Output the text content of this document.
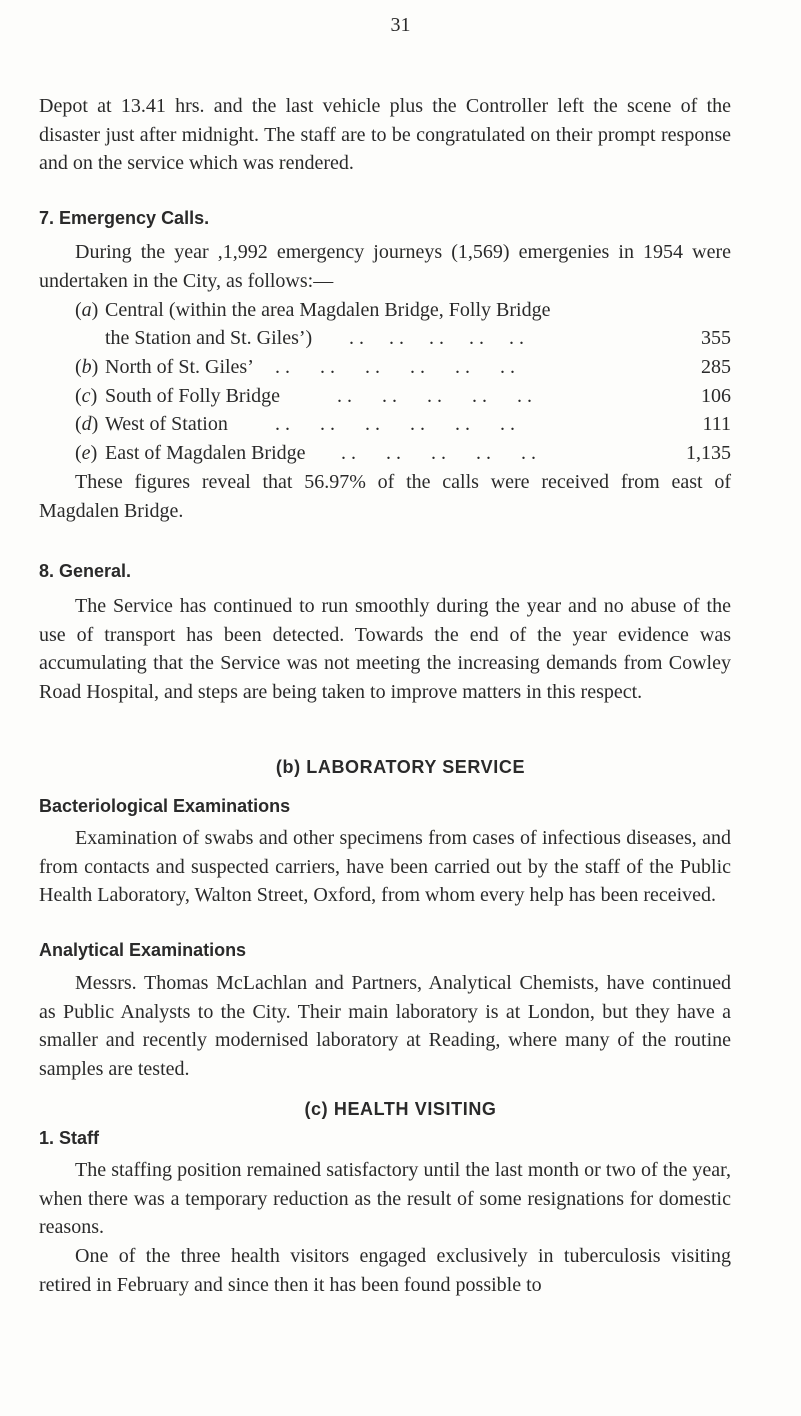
31
Depot at 13.41 hrs. and the last vehicle plus the Controller left the scene of the disaster just after midnight. The staff are to be congratulated on their prompt response and on the service which was rendered.
7. Emergency Calls.
During the year ,1,992 emergency journeys (1,569) emergenies in 1954 were undertaken in the City, as follows:—
(a) Central (within the area Magdalen Bridge, Folly Bridge
the Station and St. Giles’) . .     . .     . .     . .     . .	355
(b) North of St. Giles’ . .      . .      . .      . .      . .      . .	285
(c) South of Folly Bridge	. .      . .      . .      . .      . .	106
(d) West of Station . .      . .      . .      . .      . .      . .	111
(e) East of Magdalen Bridge . .      . .      . .      . .      . .	1,135
These figures reveal that 56.97% of the calls were received from east of Magdalen Bridge.
8. General.
The Service has continued to run smoothly during the year and no abuse of the use of transport has been detected. Towards the end of the year evidence was accumulating that the Service was not meeting the increasing demands from Cowley Road Hospital, and steps are being taken to improve matters in this respect.
(b) LABORATORY SERVICE
Bacteriological Examinations
Examination of swabs and other specimens from cases of infectious diseases, and from contacts and suspected carriers, have been carried out by the staff of the Public Health Laboratory, Walton Street, Oxford, from whom every help has been received.
Analytical Examinations
Messrs. Thomas McLachlan and Partners, Analytical Chemists, have continued as Public Analysts to the City. Their main laboratory is at London, but they have a smaller and recently modernised laboratory at Reading, where many of the routine samples are tested.
(c) HEALTH VISITING
1. Staff
The staffing position remained satisfactory until the last month or two of the year, when there was a temporary reduction as the result of some resignations for domestic reasons.
One of the three health visitors engaged exclusively in tuberculosis visiting retired in February and since then it has been found possible to
